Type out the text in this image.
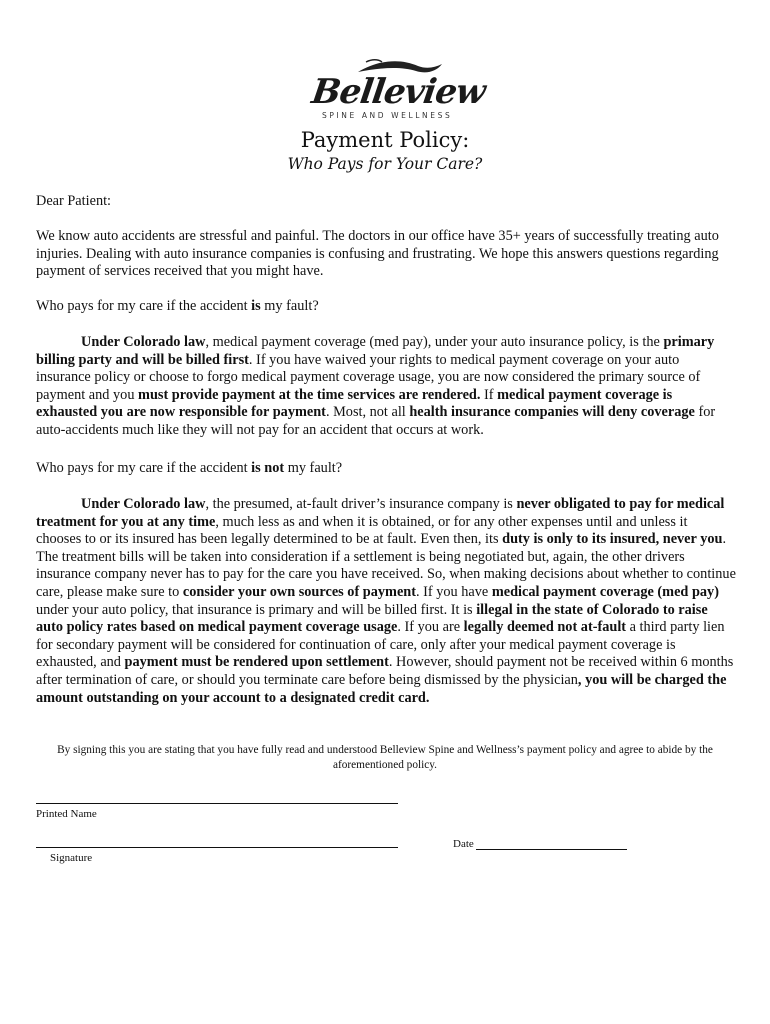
Belleview
SPINE AND WELLNESS
Payment Policy:
Who Pays for Your Care?
Dear Patient:

We know auto accidents are stressful and painful. The doctors in our office have 35+ years of successfully treating auto injuries. Dealing with auto insurance companies is confusing and frustrating. We hope this answers questions regarding payment of services received that you might have.

Who pays for my care if the accident is my fault?

Under Colorado law, medical payment coverage (med pay), under your auto insurance policy, is the primary billing party and will be billed first. If you have waived your rights to medical payment coverage on your auto insurance policy or choose to forgo medical payment coverage usage, you are now considered the primary source of payment and you must provide payment at the time services are rendered. If medical payment coverage is exhausted you are now responsible for payment. Most, not all health insurance companies will deny coverage for auto-accidents much like they will not pay for an accident that occurs at work.

Who pays for my care if the accident is not my fault?

Under Colorado law, the presumed, at-fault driver’s insurance company is never obligated to pay for medical treatment for you at any time, much less as and when it is obtained, or for any other expenses until and unless it chooses to or its insured has been legally determined to be at fault. Even then, its duty is only to its insured, never you. The treatment bills will be taken into consideration if a settlement is being negotiated but, again, the other drivers insurance company never has to pay for the care you have received. So, when making decisions about whether to continue care, please make sure to consider your own sources of payment. If you have medical payment coverage (med pay) under your auto policy, that insurance is primary and will be billed first. It is illegal in the state of Colorado to raise auto policy rates based on medical payment coverage usage. If you are legally deemed not at-fault a third party lien for secondary payment will be considered for continuation of care, only after your medical payment coverage is exhausted, and payment must be rendered upon settlement. However, should payment not be received within 6 months after termination of care, or should you terminate care before being dismissed by the physician, you will be charged the amount outstanding on your account to a designated credit card.

By signing this you are stating that you have fully read and understood Belleview Spine and Wellness’s payment policy and agree to abide by the aforementioned policy.
Printed Name
Signature
Date
